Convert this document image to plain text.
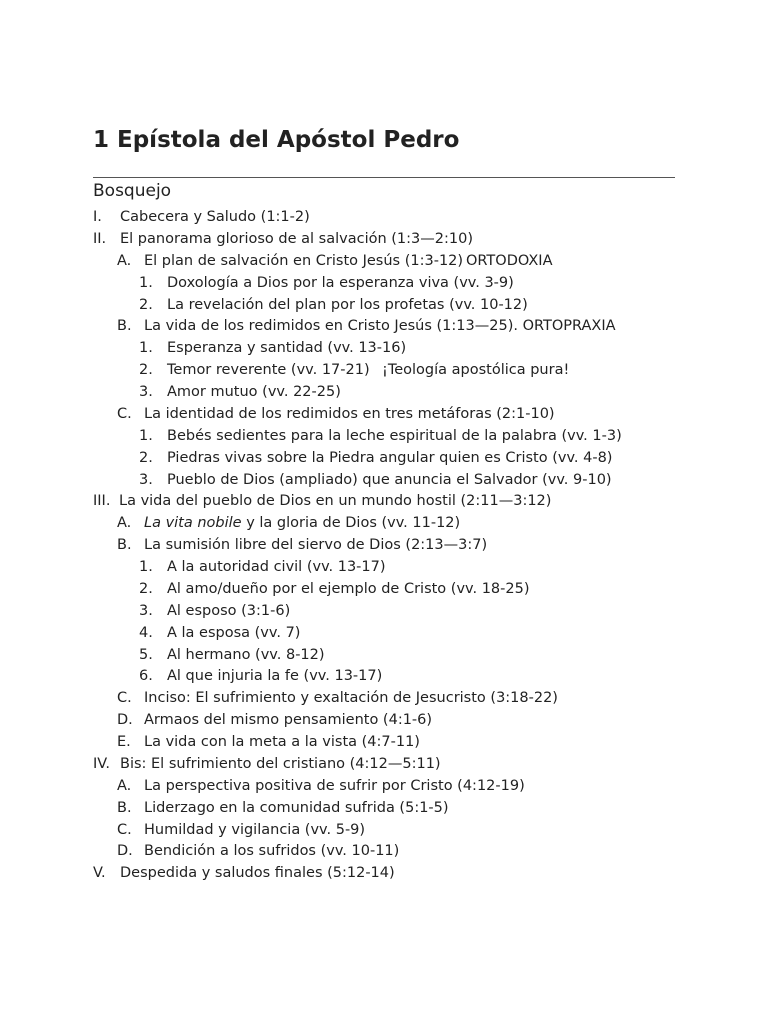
1 Epístola del Apóstol Pedro
Bosquejo
I. Cabecera y Saludo (1:1-2)
II. El panorama glorioso de al salvación (1:3—2:10)
A. El plan de salvación en Cristo Jesús (1:3-12) ORTODOXIA
1. Doxología a Dios por la esperanza viva (vv. 3-9)
2. La revelación del plan por los profetas (vv. 10-12)
B. La vida de los redimidos en Cristo Jesús (1:13—25). ORTOPRAXIA
1. Esperanza y santidad (vv. 13-16)
2. Temor reverente (vv. 17-21) ¡Teología apostólica pura!
3. Amor mutuo (vv. 22-25)
C. La identidad de los redimidos en tres metáforas (2:1-10)
1. Bebés sedientes para la leche espiritual de la palabra (vv. 1-3)
2. Piedras vivas sobre la Piedra angular quien es Cristo (vv. 4-8)
3. Pueblo de Dios (ampliado) que anuncia el Salvador (vv. 9-10)
III. La vida del pueblo de Dios en un mundo hostil (2:11—3:12)
A. La vita nobile y la gloria de Dios (vv. 11-12)
B. La sumisión libre del siervo de Dios (2:13—3:7)
1. A la autoridad civil (vv. 13-17)
2. Al amo/dueño por el ejemplo de Cristo (vv. 18-25)
3. Al esposo (3:1-6)
4. A la esposa (vv. 7)
5. Al hermano (vv. 8-12)
6. Al que injuria la fe (vv. 13-17)
C. Inciso: El sufrimiento y exaltación de Jesucristo (3:18-22)
D. Armaos del mismo pensamiento (4:1-6)
E. La vida con la meta a la vista (4:7-11)
IV. Bis: El sufrimiento del cristiano (4:12—5:11)
A. La perspectiva positiva de sufrir por Cristo (4:12-19)
B. Liderzago en la comunidad sufrida (5:1-5)
C. Humildad y vigilancia (vv. 5-9)
D. Bendición a los sufridos (vv. 10-11)
V. Despedida y saludos finales (5:12-14)
